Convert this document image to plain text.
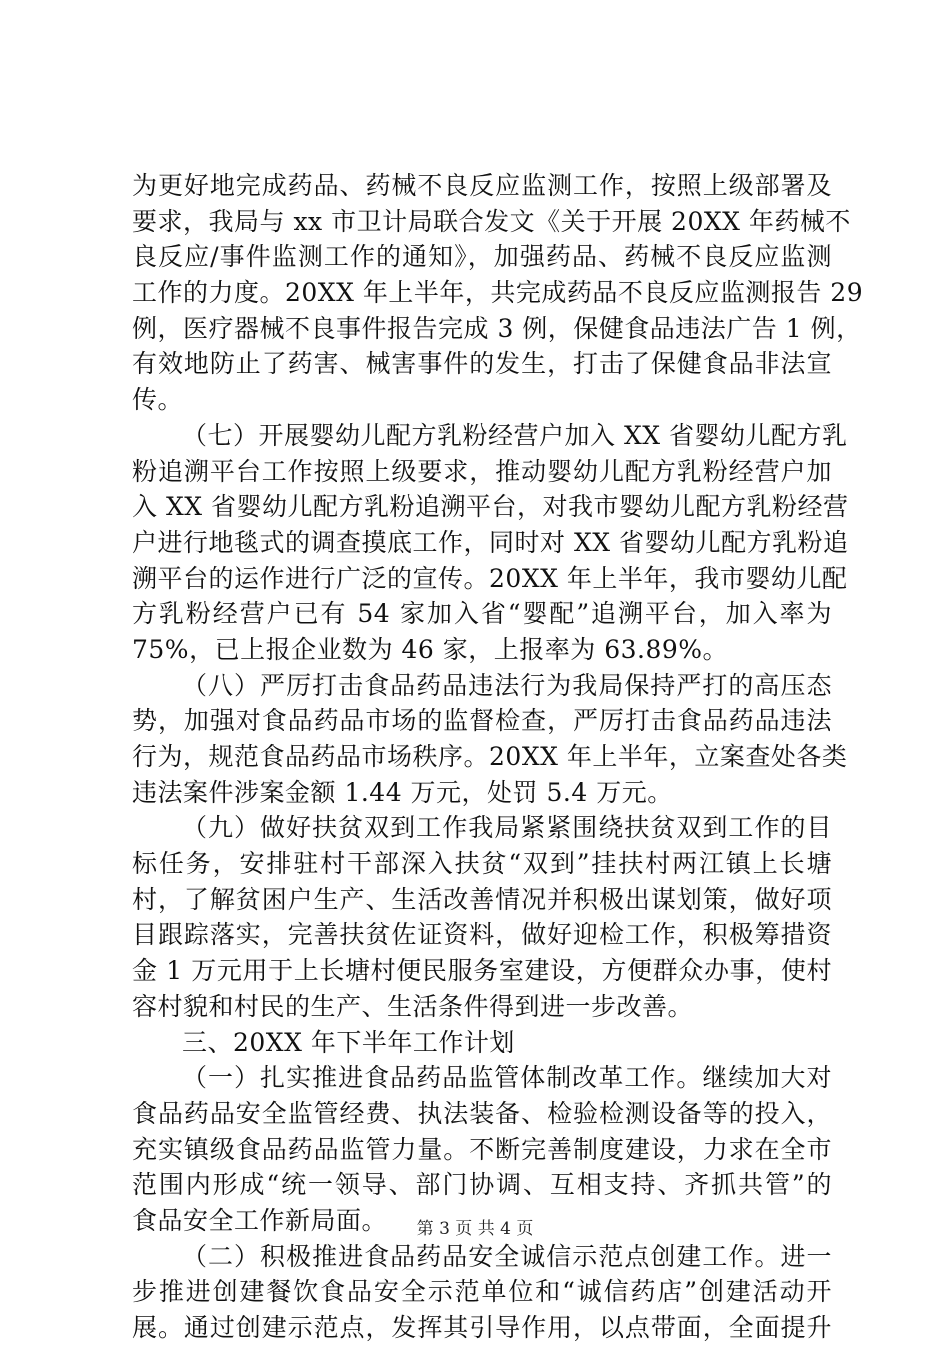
为更好地完成药品、药械不良反应监测工作，按照上级部署及
要求，我局与 xx 市卫计局联合发文《关于开展 20XX 年药械不
良反应/事件监测工作的通知》，加强药品、药械不良反应监测
工作的力度。20XX 年上半年，共完成药品不良反应监测报告 29
例，医疗器械不良事件报告完成 3 例，保健食品违法广告 1 例，
有效地防止了药害、械害事件的发生，打击了保健食品非法宣
传。
（七）开展婴幼儿配方乳粉经营户加入 XX 省婴幼儿配方乳
粉追溯平台工作按照上级要求，推动婴幼儿配方乳粉经营户加
入 XX 省婴幼儿配方乳粉追溯平台，对我市婴幼儿配方乳粉经营
户进行地毯式的调查摸底工作，同时对 XX 省婴幼儿配方乳粉追
溯平台的运作进行广泛的宣传。20XX 年上半年，我市婴幼儿配
方乳粉经营户已有 54 家加入省“婴配”追溯平台，加入率为
75%，已上报企业数为 46 家，上报率为 63.89%。
（八）严厉打击食品药品违法行为我局保持严打的高压态
势，加强对食品药品市场的监督检查，严厉打击食品药品违法
行为，规范食品药品市场秩序。20XX 年上半年，立案查处各类
违法案件涉案金额 1.44 万元，处罚 5.4 万元。
（九）做好扶贫双到工作我局紧紧围绕扶贫双到工作的目
标任务，安排驻村干部深入扶贫“双到”挂扶村两江镇上长塘
村，了解贫困户生产、生活改善情况并积极出谋划策，做好项
目跟踪落实，完善扶贫佐证资料，做好迎检工作，积极筹措资
金 1 万元用于上长塘村便民服务室建设，方便群众办事，使村
容村貌和村民的生产、生活条件得到进一步改善。
三、20XX 年下半年工作计划
（一）扎实推进食品药品监管体制改革工作。继续加大对
食品药品安全监管经费、执法装备、检验检测设备等的投入，
充实镇级食品药品监管力量。不断完善制度建设，力求在全市
范围内形成“统一领导、部门协调、互相支持、齐抓共管”的
食品安全工作新局面。
（二）积极推进食品药品安全诚信示范点创建工作。进一
步推进创建餐饮食品安全示范单位和“诚信药店”创建活动开
展。通过创建示范点，发挥其引导作用，以点带面，全面提升
第 3 页 共 4 页
